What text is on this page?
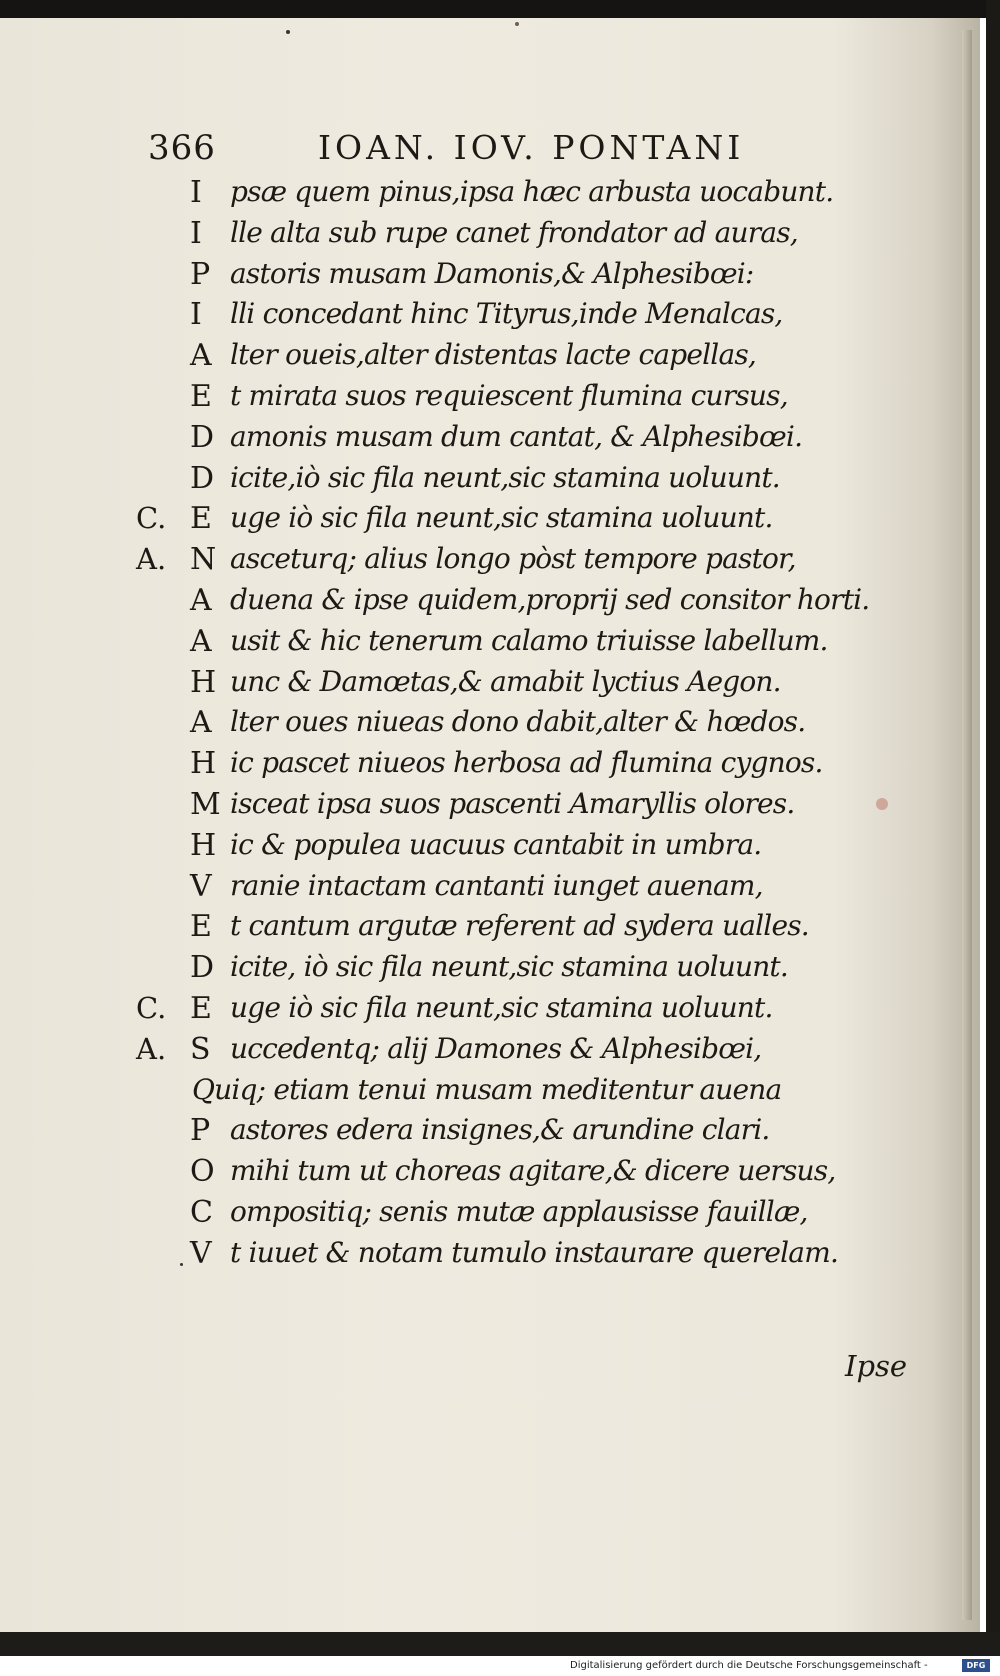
366	IOAN. IOV. PONTANI
I psæ quem pinus,ipsa hæc arbusta uocabunt.
I lle alta sub rupe canet frondator ad auras,
P astoris musam Damonis,& Alphesibœi:
I lli concedant hinc Tityrus,inde Menalcas,
A lter oueis,alter distentas lacte capellas,
E t mirata suos requiescent flumina cursus,
D amonis musam dum cantat, & Alphesibœi.
D icite,iò sic fila neunt,sic stamina uoluunt.
C. E uge iò sic fila neunt,sic stamina uoluunt.
A. N asceturq; alius longo pòst tempore pastor,
A duena & ipse quidem,proprij sed consitor horti.
A usit & hic tenerum calamo triuisse labellum.
H unc & Damœtas,& amabit lyctius Aegon.
A lter oues niueas dono dabit,alter & hœdos.
H ic pascet niueos herbosa ad flumina cygnos.
M isceat ipsa suos pascenti Amaryllis olores.
H ic & populea uacuus cantabit in umbra.
V ranie intactam cantanti iunget auenam,
E t cantum argutæ referent ad sydera ualles.
D icite, iò sic fila neunt,sic stamina uoluunt.
C. E uge iò sic fila neunt,sic stamina uoluunt.
A. S uccedentq; alij Damones & Alphesibœi,
Quiq; etiam tenui musam meditentur auena
P astores edera insignes,& arundine clari.
O mihi tum ut choreas agitare,& dicere uersus,
C ompositiq; senis mutæ applausisse fauillæ,
V t iuuet & notam tumulo instaurare querelam.
Ipse
Digitalisierung gefördert durch die Deutsche Forschungsgemeinschaft -	DFG
